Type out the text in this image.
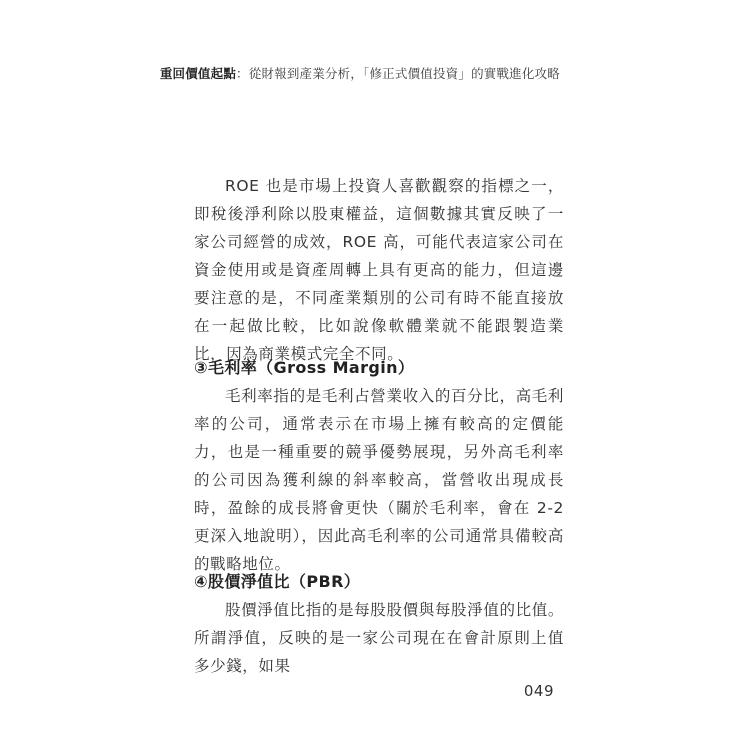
重回價值起點：從財報到產業分析，「修正式價值投資」的實戰進化攻略

ROE 也是市場上投資人喜歡觀察的指標之一，即稅後淨利除以股東權益，這個數據其實反映了一家公司經營的成效，ROE 高，可能代表這家公司在資金使用或是資產周轉上具有更高的能力，但這邊要注意的是，不同產業類別的公司有時不能直接放在一起做比較，比如說像軟體業就不能跟製造業比，因為商業模式完全不同。

③毛利率（Gross Margin）

毛利率指的是毛利占營業收入的百分比，高毛利率的公司，通常表示在市場上擁有較高的定價能力，也是一種重要的競爭優勢展現，另外高毛利率的公司因為獲利線的斜率較高，當營收出現成長時，盈餘的成長將會更快（關於毛利率，會在 2-2 更深入地說明），因此高毛利率的公司通常具備較高的戰略地位。

④股價淨值比（PBR）

股價淨值比指的是每股股價與每股淨值的比值。所謂淨值，反映的是一家公司現在在會計原則上值多少錢，如果

049
